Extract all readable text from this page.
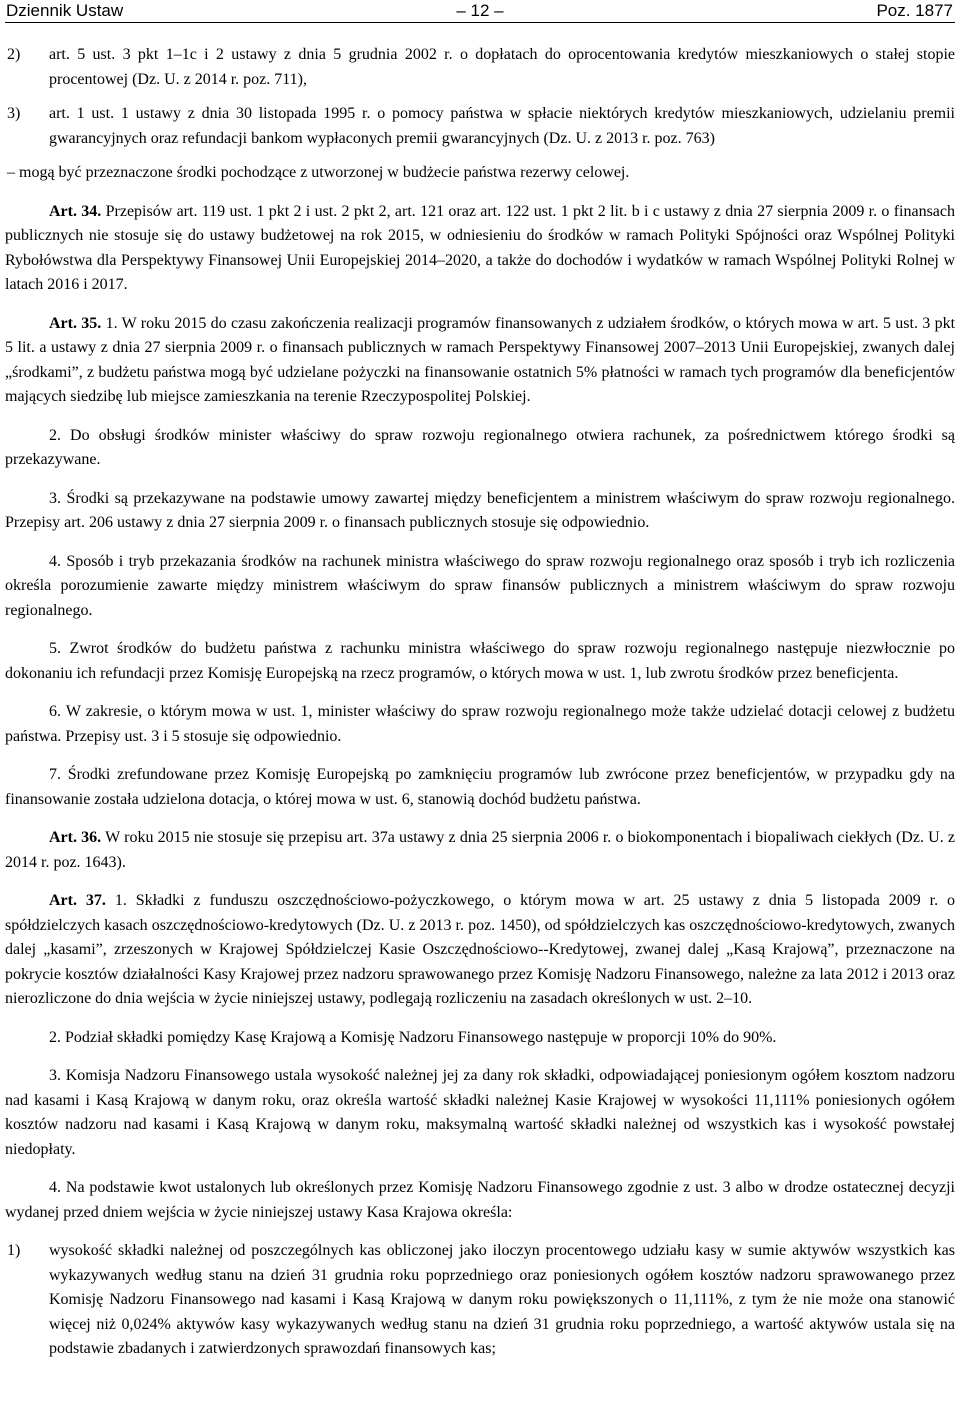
Dziennik Ustaw	– 12 –	Poz. 1877

2) art. 5 ust. 3 pkt 1–1c i 2 ustawy z dnia 5 grudnia 2002 r. o dopłatach do oprocentowania kredytów mieszkaniowych o stałej stopie procentowej (Dz. U. z 2014 r. poz. 711),

3) art. 1 ust. 1 ustawy z dnia 30 listopada 1995 r. o pomocy państwa w spłacie niektórych kredytów mieszkaniowych, udzielaniu premii gwarancyjnych oraz refundacji bankom wypłaconych premii gwarancyjnych (Dz. U. z 2013 r. poz. 763)

– mogą być przeznaczone środki pochodzące z utworzonej w budżecie państwa rezerwy celowej.

Art. 34. Przepisów art. 119 ust. 1 pkt 2 i ust. 2 pkt 2, art. 121 oraz art. 122 ust. 1 pkt 2 lit. b i c ustawy z dnia 27 sierpnia 2009 r. o finansach publicznych nie stosuje się do ustawy budżetowej na rok 2015, w odniesieniu do środków w ramach Polityki Spójności oraz Wspólnej Polityki Rybołówstwa dla Perspektywy Finansowej Unii Europejskiej 2014–2020, a także do dochodów i wydatków w ramach Wspólnej Polityki Rolnej w latach 2016 i 2017.

Art. 35. 1. W roku 2015 do czasu zakończenia realizacji programów finansowanych z udziałem środków, o których mowa w art. 5 ust. 3 pkt 5 lit. a ustawy z dnia 27 sierpnia 2009 r. o finansach publicznych w ramach Perspektywy Finansowej 2007–2013 Unii Europejskiej, zwanych dalej „środkami”, z budżetu państwa mogą być udzielane pożyczki na finansowanie ostatnich 5% płatności w ramach tych programów dla beneficjentów mających siedzibę lub miejsce zamieszkania na terenie Rzeczypospolitej Polskiej.

2. Do obsługi środków minister właściwy do spraw rozwoju regionalnego otwiera rachunek, za pośrednictwem którego środki są przekazywane.

3. Środki są przekazywane na podstawie umowy zawartej między beneficjentem a ministrem właściwym do spraw rozwoju regionalnego. Przepisy art. 206 ustawy z dnia 27 sierpnia 2009 r. o finansach publicznych stosuje się odpowiednio.

4. Sposób i tryb przekazania środków na rachunek ministra właściwego do spraw rozwoju regionalnego oraz sposób i tryb ich rozliczenia określa porozumienie zawarte między ministrem właściwym do spraw finansów publicznych a ministrem właściwym do spraw rozwoju regionalnego.

5. Zwrot środków do budżetu państwa z rachunku ministra właściwego do spraw rozwoju regionalnego następuje niezwłocznie po dokonaniu ich refundacji przez Komisję Europejską na rzecz programów, o których mowa w ust. 1, lub zwrotu środków przez beneficjenta.

6. W zakresie, o którym mowa w ust. 1, minister właściwy do spraw rozwoju regionalnego może także udzielać dotacji celowej z budżetu państwa. Przepisy ust. 3 i 5 stosuje się odpowiednio.

7. Środki zrefundowane przez Komisję Europejską po zamknięciu programów lub zwrócone przez beneficjentów, w przypadku gdy na finansowanie została udzielona dotacja, o której mowa w ust. 6, stanowią dochód budżetu państwa.

Art. 36. W roku 2015 nie stosuje się przepisu art. 37a ustawy z dnia 25 sierpnia 2006 r. o biokomponentach i biopaliwach ciekłych (Dz. U. z 2014 r. poz. 1643).

Art. 37. 1. Składki z funduszu oszczędnościowo-pożyczkowego, o którym mowa w art. 25 ustawy z dnia 5 listopada 2009 r. o spółdzielczych kasach oszczędnościowo-kredytowych (Dz. U. z 2013 r. poz. 1450), od spółdzielczych kas oszczędnościowo-kredytowych, zwanych dalej „kasami”, zrzeszonych w Krajowej Spółdzielczej Kasie Oszczędnościowo--Kredytowej, zwanej dalej „Kasą Krajową”, przeznaczone na pokrycie kosztów działalności Kasy Krajowej przez nadzoru sprawowanego przez Komisję Nadzoru Finansowego, należne za lata 2012 i 2013 oraz nierozliczone do dnia wejścia w życie niniejszej ustawy, podlegają rozliczeniu na zasadach określonych w ust. 2–10.

2. Podział składki pomiędzy Kasę Krajową a Komisję Nadzoru Finansowego następuje w proporcji 10% do 90%.

3. Komisja Nadzoru Finansowego ustala wysokość należnej jej za dany rok składki, odpowiadającej poniesionym ogółem kosztom nadzoru nad kasami i Kasą Krajową w danym roku, oraz określa wartość składki należnej Kasie Krajowej w wysokości 11,111% poniesionych ogółem kosztów nadzoru nad kasami i Kasą Krajową w danym roku, maksymalną wartość składki należnej od wszystkich kas i wysokość powstałej niedopłaty.

4. Na podstawie kwot ustalonych lub określonych przez Komisję Nadzoru Finansowego zgodnie z ust. 3 albo w drodze ostatecznej decyzji wydanej przed dniem wejścia w życie niniejszej ustawy Kasa Krajowa określa:

1) wysokość składki należnej od poszczególnych kas obliczonej jako iloczyn procentowego udziału kasy w sumie aktywów wszystkich kas wykazywanych według stanu na dzień 31 grudnia roku poprzedniego oraz poniesionych ogółem kosztów nadzoru sprawowanego przez Komisję Nadzoru Finansowego nad kasami i Kasą Krajową w danym roku powiększonych o 11,111%, z tym że nie może ona stanowić więcej niż 0,024% aktywów kasy wykazywanych według stanu na dzień 31 grudnia roku poprzedniego, a wartość aktywów ustala się na podstawie zbadanych i zatwierdzonych sprawozdań finansowych kas;
